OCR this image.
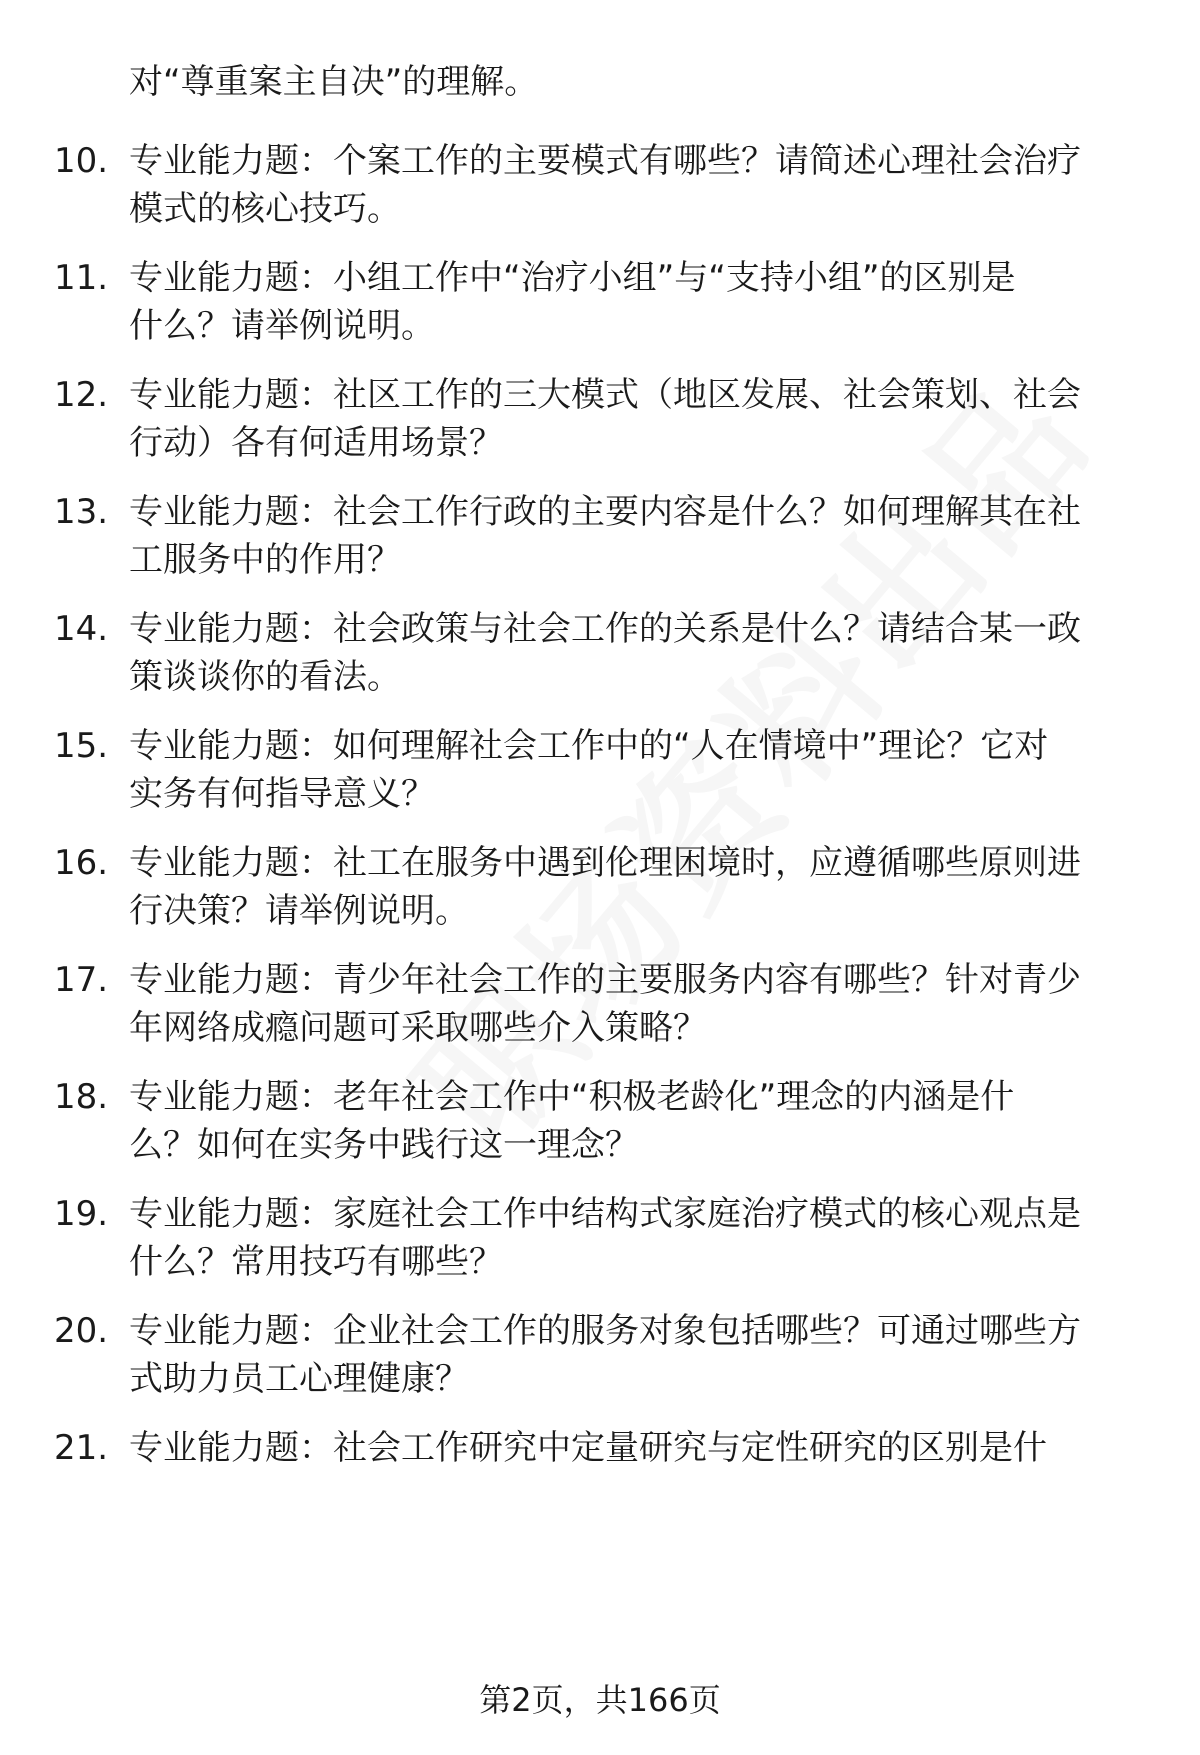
对“尊重案主自决”的理解。
10. 专业能力题：个案工作的主要模式有哪些？请简述心理社会治疗
模式的核心技巧。
11. 专业能力题：小组工作中“治疗小组”与“支持小组”的区别是
什么？请举例说明。
12. 专业能力题：社区工作的三大模式（地区发展、社会策划、社会
行动）各有何适用场景？
13. 专业能力题：社会工作行政的主要内容是什么？如何理解其在社
工服务中的作用？
14. 专业能力题：社会政策与社会工作的关系是什么？请结合某一政
策谈谈你的看法。
15. 专业能力题：如何理解社会工作中的“人在情境中”理论？它对
实务有何指导意义？
16. 专业能力题：社工在服务中遇到伦理困境时，应遵循哪些原则进
行决策？请举例说明。
17. 专业能力题：青少年社会工作的主要服务内容有哪些？针对青少
年网络成瘾问题可采取哪些介入策略？
18. 专业能力题：老年社会工作中“积极老龄化”理念的内涵是什
么？如何在实务中践行这一理念？
19. 专业能力题：家庭社会工作中结构式家庭治疗模式的核心观点是
什么？常用技巧有哪些？
20. 专业能力题：企业社会工作的服务对象包括哪些？可通过哪些方
式助力员工心理健康？
21. 专业能力题：社会工作研究中定量研究与定性研究的区别是什
第2页，共166页
